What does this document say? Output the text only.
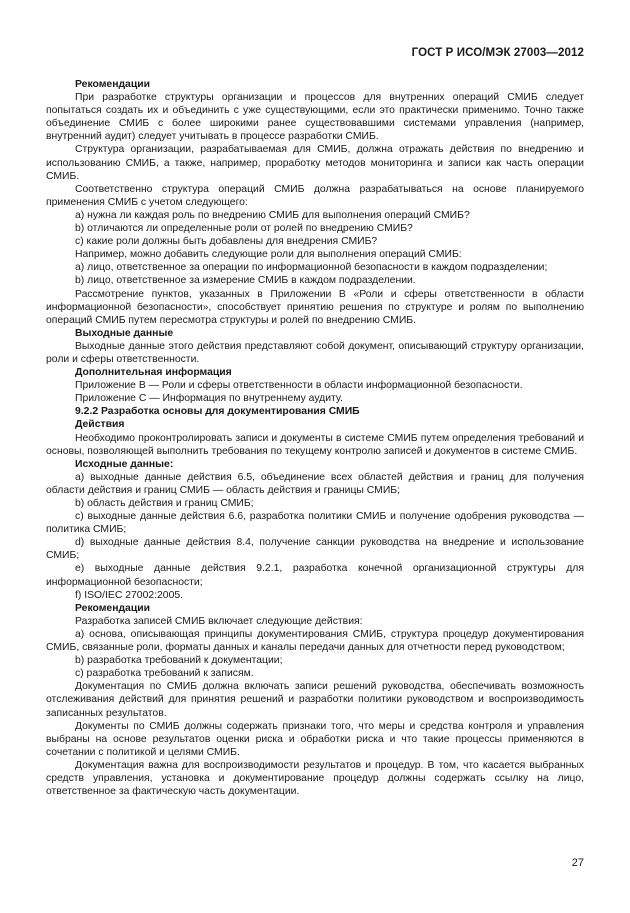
ГОСТ Р ИСО/МЭК 27003—2012
Рекомендации
При разработке структуры организации и процессов для внутренних операций СМИБ следует попытаться создать их и объединить с уже существующими, если это практически применимо. Точно также объединение СМИБ с более широкими ранее существовавшими системами управления (например, внутренний аудит) следует учитывать в процессе разработки СМИБ.
Структура организации, разрабатываемая для СМИБ, должна отражать действия по внедрению и использованию СМИБ, а также, например, проработку методов мониторинга и записи как часть операции СМИБ.
Соответственно структура операций СМИБ должна разрабатываться на основе планируемого применения СМИБ с учетом следующего:
a) нужна ли каждая роль по внедрению СМИБ для выполнения операций СМИБ?
b) отличаются ли определенные роли от ролей по внедрению СМИБ?
c) какие роли должны быть добавлены для внедрения СМИБ?
Например, можно добавить следующие роли для выполнения операций СМИБ:
a) лицо, ответственное за операции по информационной безопасности в каждом подразделении;
b) лицо, ответственное за измерение СМИБ в каждом подразделении.
Рассмотрение пунктов, указанных в Приложении В «Роли и сферы ответственности в области информационной безопасности», способствует принятию решения по структуре и ролям по выполнению операций СМИБ путем пересмотра структуры и ролей по внедрению СМИБ.
Выходные данные
Выходные данные этого действия представляют собой документ, описывающий структуру организации, роли и сферы ответственности.
Дополнительная информация
Приложение В — Роли и сферы ответственности в области информационной безопасности.
Приложение С — Информация по внутреннему аудиту.
9.2.2 Разработка основы для документирования СМИБ
Действия
Необходимо проконтролировать записи и документы в системе СМИБ путем определения требований и основы, позволяющей выполнить требования по текущему контролю записей и документов в системе СМИБ.
Исходные данные:
a) выходные данные действия 6.5, объединение всех областей действия и границ для получения области действия и границ СМИБ — область действия и границы СМИБ;
b) область действия и границ СМИБ;
c) выходные данные действия 6.6, разработка политики СМИБ и получение одобрения руководства — политика СМИБ;
d) выходные данные действия 8.4, получение санкции руководства на внедрение и использование СМИБ;
e) выходные данные действия 9.2.1, разработка конечной организационной структуры для информационной безопасности;
f) ISO/IEC 27002:2005.
Рекомендации
Разработка записей СМИБ включает следующие действия:
a) основа, описывающая принципы документирования СМИБ, структура процедур документирования СМИБ, связанные роли, форматы данных и каналы передачи данных для отчетности перед руководством;
b) разработка требований к документации;
c) разработка требований к записям.
Документация по СМИБ должна включать записи решений руководства, обеспечивать возможность отслеживания действий для принятия решений и разработки политики руководством и воспроизводимость записанных результатов.
Документы по СМИБ должны содержать признаки того, что меры и средства контроля и управления выбраны на основе результатов оценки риска и обработки риска и что такие процессы применяются в сочетании с политикой и целями СМИБ.
Документация важна для воспроизводимости результатов и процедур. В том, что касается выбранных средств управления, установка и документирование процедур должны содержать ссылку на лицо, ответственное за фактическую часть документации.
27
